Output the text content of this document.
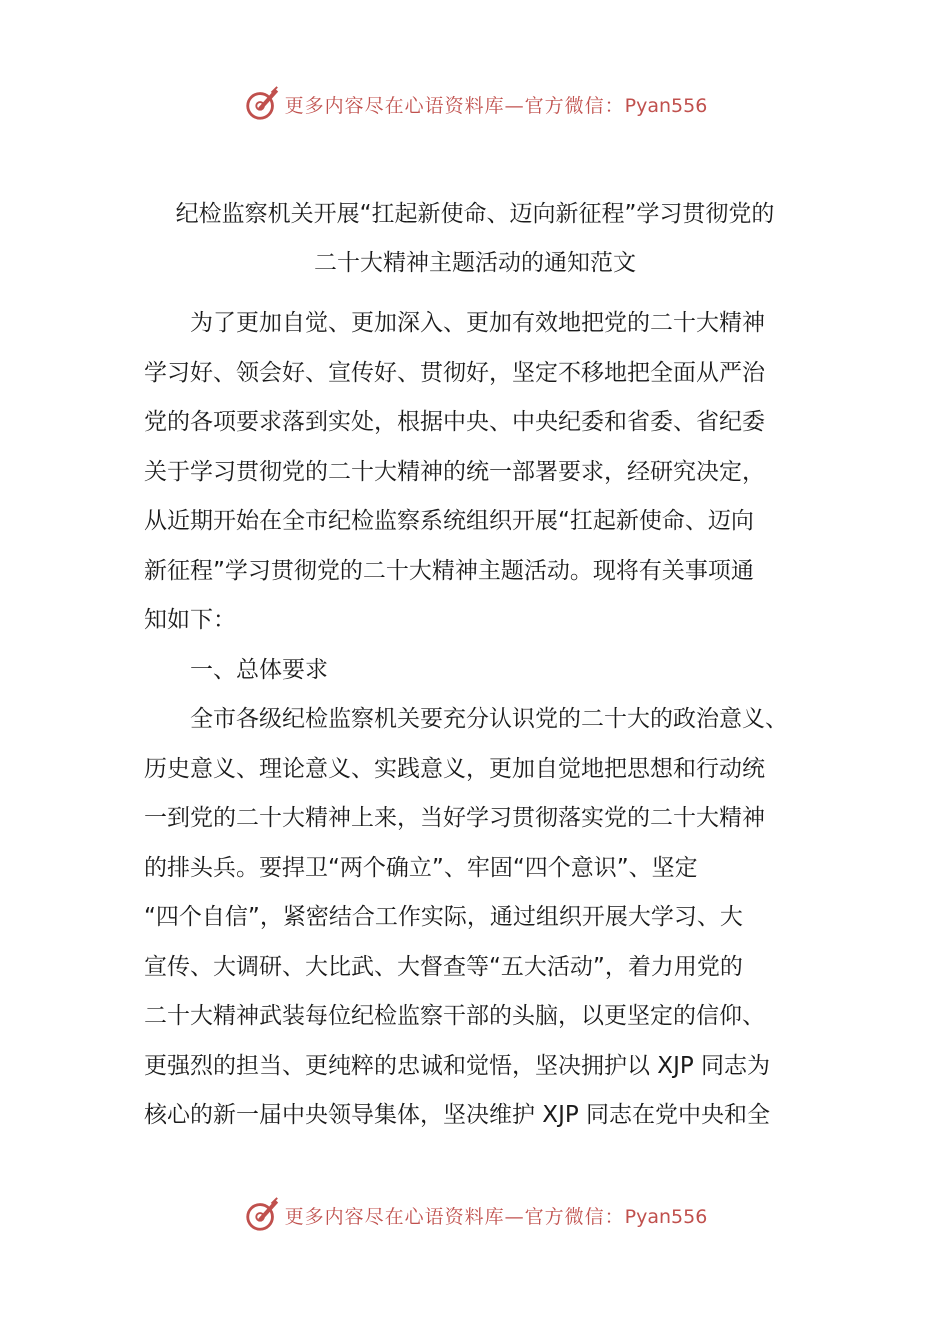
更多内容尽在心语资料库—官方微信：Pyan556
纪检监察机关开展“扛起新使命、迈向新征程”学习贯彻党的
二十大精神主题活动的通知范文
为了更加自觉、更加深入、更加有效地把党的二十大精神
学习好、领会好、宣传好、贯彻好，坚定不移地把全面从严治
党的各项要求落到实处，根据中央、中央纪委和省委、省纪委
关于学习贯彻党的二十大精神的统一部署要求，经研究决定，
从近期开始在全市纪检监察系统组织开展“扛起新使命、迈向
新征程”学习贯彻党的二十大精神主题活动。现将有关事项通
知如下：
一、总体要求
全市各级纪检监察机关要充分认识党的二十大的政治意义、
历史意义、理论意义、实践意义，更加自觉地把思想和行动统
一到党的二十大精神上来，当好学习贯彻落实党的二十大精神
的排头兵。要捍卫“两个确立”、牢固“四个意识”、坚定
“四个自信”，紧密结合工作实际，通过组织开展大学习、大
宣传、大调研、大比武、大督查等“五大活动”，着力用党的
二十大精神武装每位纪检监察干部的头脑，以更坚定的信仰、
更强烈的担当、更纯粹的忠诚和觉悟，坚决拥护以 XJP 同志为
核心的新一届中央领导集体，坚决维护 XJP 同志在党中央和全
更多内容尽在心语资料库—官方微信：Pyan556
